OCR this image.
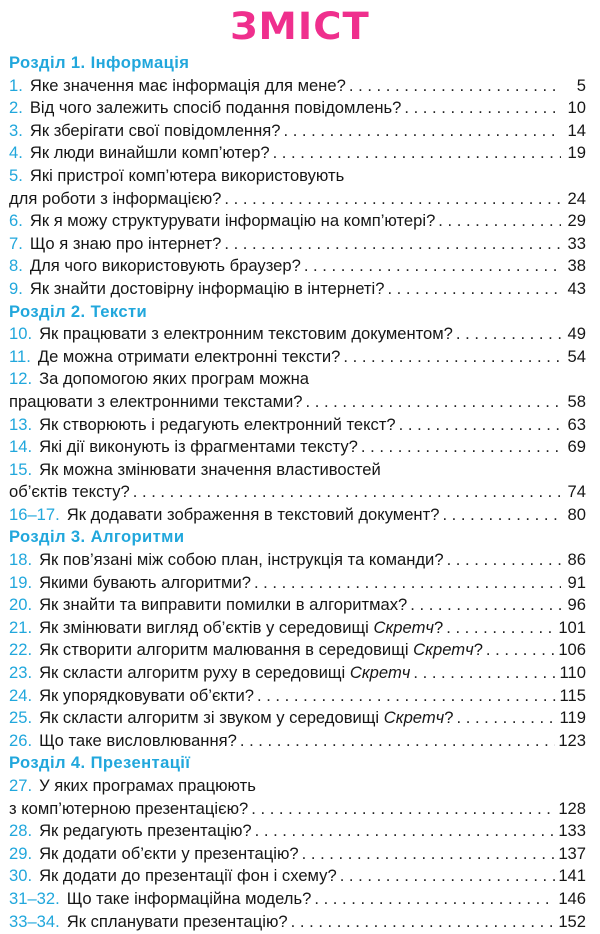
ЗМІСТ
Розділ 1. Інформація
1. Яке значення має інформація для мене? . . .	5
2. Від чого залежить спосіб подання повідомлень? . . .	10
3. Як зберігати свої повідомлення? . . .	14
4. Як люди винайшли комп’ютер? . . .	19
5. Які пристрої комп’ютера використовують
для роботи з інформацією? . . .	24
6. Як я можу структурувати інформацію на комп’ютері? . . .	29
7. Що я знаю про інтернет? . . .	33
8. Для чого використовують браузер? . . .	38
9. Як знайти достовірну інформацію в інтернеті? . . .	43
Розділ 2. Тексти
10. Як працювати з електронним текстовим документом? . . .	49
11. Де можна отримати електронні тексти? . . .	54
12. За допомогою яких програм можна
працювати з електронними текстами? . . .	58
13. Як створюють і редагують електронний текст? . . .	63
14. Які дії виконують із фрагментами тексту? . . .	69
15. Як можна змінювати значення властивостей
об’єктів тексту? . . .	74
16–17. Як додавати зображення в текстовий документ? . . .	80
Розділ 3. Алгоритми
18. Як пов’язані між собою план, інструкція та команди? . . .	86
19. Якими бувають алгоритми? . . .	91
20. Як знайти та виправити помилки в алгоритмах? . . .	96
21. Як змінювати вигляд об’єктів у середовищі Скретч? . . .	101
22. Як створити алгоритм малювання в середовищі Скретч? . . .	106
23. Як скласти алгоритм руху в середовищі Скретч . . .	110
24. Як упорядковувати об’єкти? . . .	115
25. Як скласти алгоритм зі звуком у середовищі Скретч? . . .	119
26. Що таке висловлювання? . . .	123
Розділ 4. Презентації
27. У яких програмах працюють
з комп’ютерною презентацією? . . .	128
28. Як редагують презентацію? . . .	133
29. Як додати об’єкти у презентацію? . . .	137
30. Як додати до презентації фон і схему? . . .	141
31–32. Що таке інформаційна модель? . . .	146
33–34. Як спланувати презентацію? . . .	152
